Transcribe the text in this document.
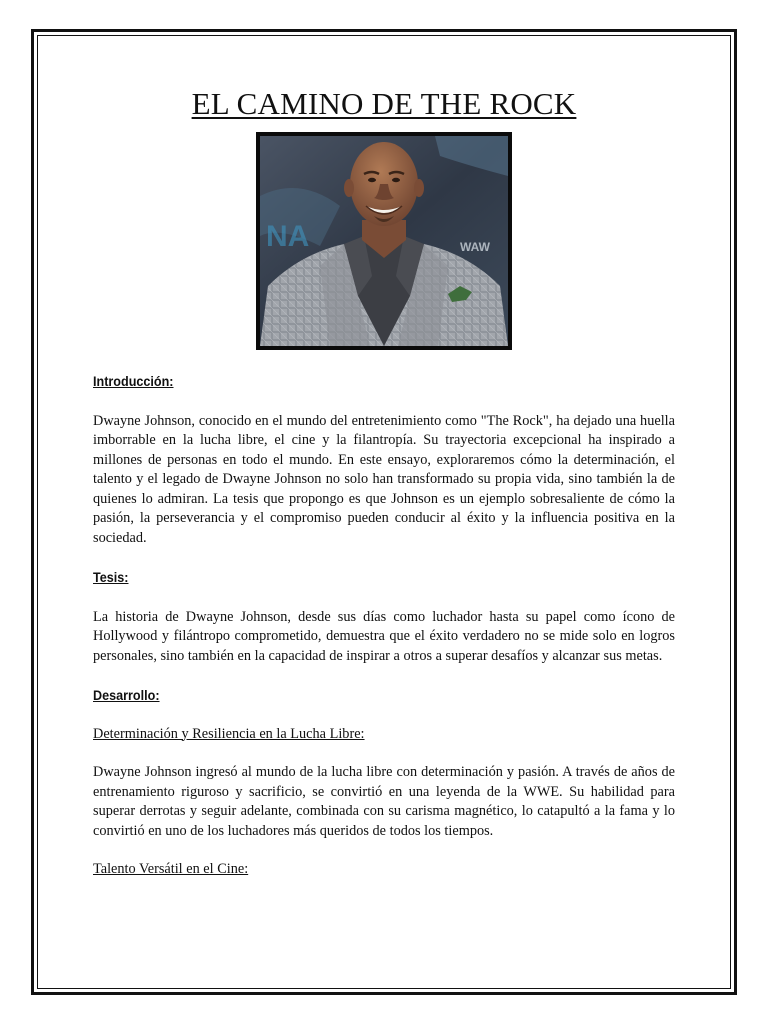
EL CAMINO DE THE ROCK
NA	WAW

Introducción:

Dwayne Johnson, conocido en el mundo del entretenimiento como "The Rock", ha dejado una huella imborrable en la lucha libre, el cine y la filantropía. Su trayectoria excepcional ha inspirado a millones de personas en todo el mundo. En este ensayo, exploraremos cómo la determinación, el talento y el legado de Dwayne Johnson no solo han transformado su propia vida, sino también la de quienes lo admiran. La tesis que propongo es que Johnson es un ejemplo sobresaliente de cómo la pasión, la perseverancia y el compromiso pueden conducir al éxito y la influencia positiva en la sociedad.

Tesis:

La historia de Dwayne Johnson, desde sus días como luchador hasta su papel como ícono de Hollywood y filántropo comprometido, demuestra que el éxito verdadero no se mide solo en logros personales, sino también en la capacidad de inspirar a otros a superar desafíos y alcanzar sus metas.

Desarrollo:

Determinación y Resiliencia en la Lucha Libre:

Dwayne Johnson ingresó al mundo de la lucha libre con determinación y pasión. A través de años de entrenamiento riguroso y sacrificio, se convirtió en una leyenda de la WWE. Su habilidad para superar derrotas y seguir adelante, combinada con su carisma magnético, lo catapultó a la fama y lo convirtió en uno de los luchadores más queridos de todos los tiempos.

Talento Versátil en el Cine:
